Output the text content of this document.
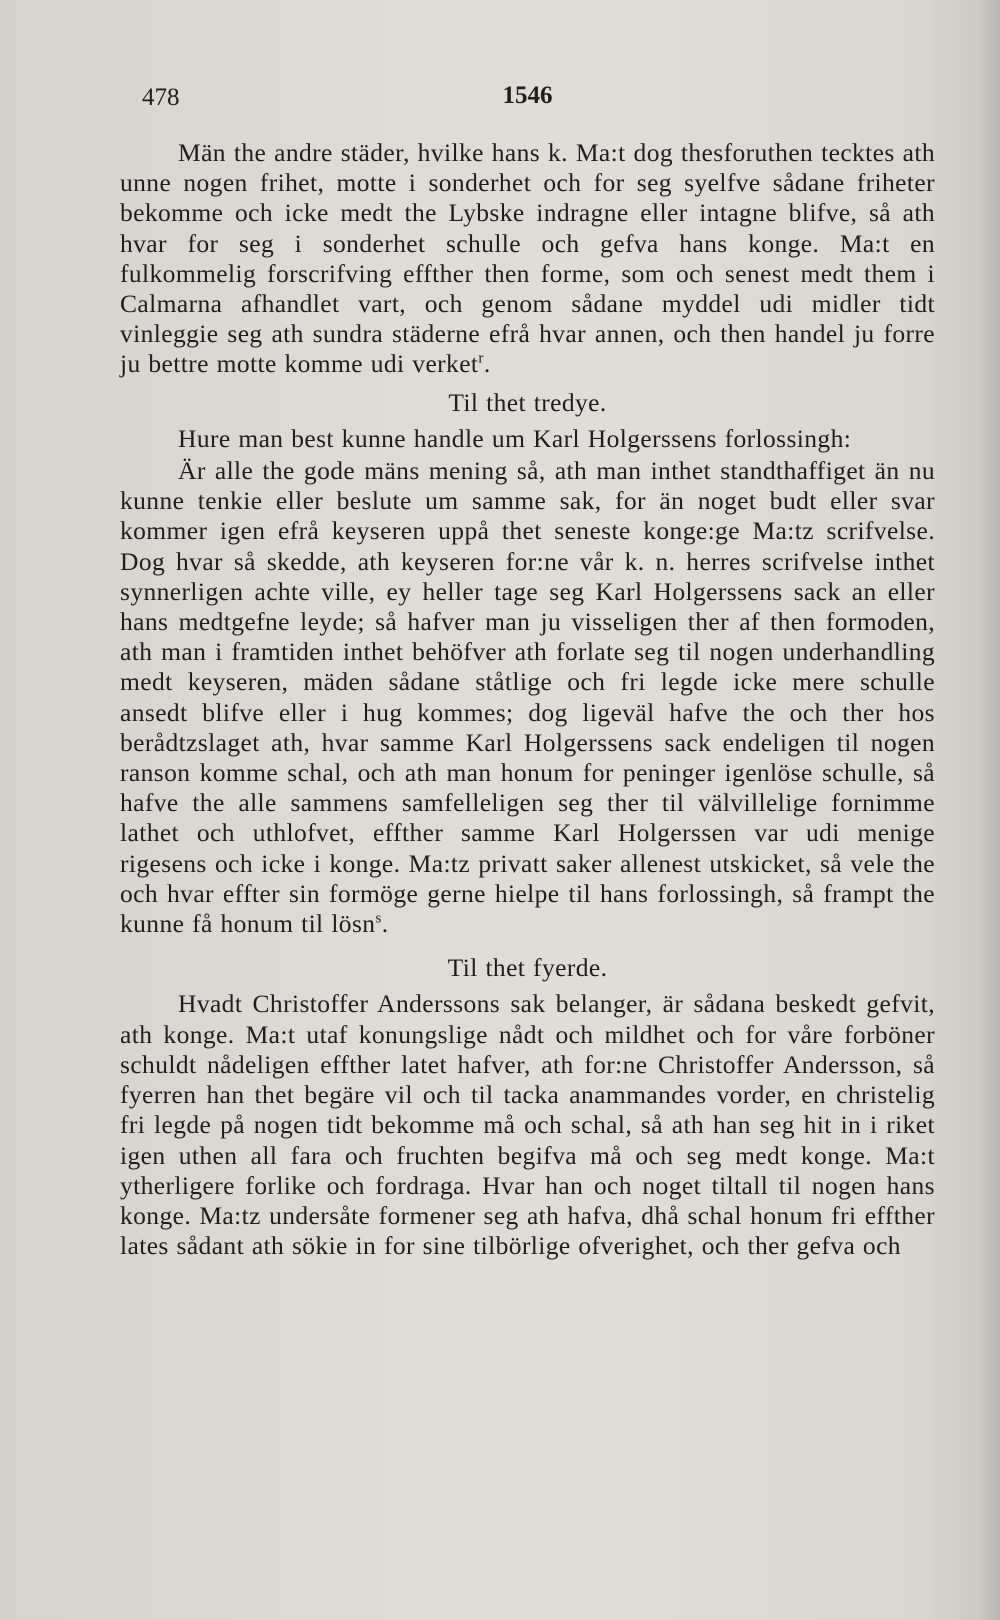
478	1546

Män the andre städer, hvilke hans k. Ma:t dog thesforuthen tecktes ath unne nogen frihet, motte i sonderhet och for seg syelfve sådane friheter bekomme och icke medt the Lybske indragne eller intagne blifve, så ath hvar for seg i sonderhet schulle och gefva hans konge. Ma:t en fulkommelig forscrifving effther then forme, som och senest medt them i Calmarna afhandlet vart, och genom sådane myddel udi midler tidt vinleggie seg ath sundra städerne efrå hvar annen, och then handel ju forre ju bettre motte komme udi verket$^r$.

Til thet tredye.

Hure man best kunne handle um Karl Holgerssens forlossingh:

Är alle the gode mäns mening så, ath man inthet standthaffiget än nu kunne tenkie eller beslute um samme sak, for än noget budt eller svar kommer igen efrå keyseren uppå thet seneste konge:ge Ma:tz scrifvelse. Dog hvar så skedde, ath keyseren for:ne vår k. n. herres scrifvelse inthet synnerligen achte ville, ey heller tage seg Karl Holgerssens sack an eller hans medtgefne leyde; så hafver man ju visseligen ther af then formoden, ath man i framtiden inthet behöfver ath forlate seg til nogen underhandling medt keyseren, mäden sådane ståtlige och fri legde icke mere schulle ansedt blifve eller i hug kommes; dog ligeväl hafve the och ther hos berådtzslaget ath, hvar samme Karl Holgerssens sack endeligen til nogen ranson komme schal, och ath man honum for peninger igenlöse schulle, så hafve the alle sammens samfelleligen seg ther til välvillelige fornimme lathet och uthlofvet, effther samme Karl Holgerssen var udi menige rigesens och icke i konge. Ma:tz privatt saker allenest utskicket, så vele the och hvar effter sin formöge gerne hielpe til hans forlossingh, så frampt the kunne få honum til lösn$^s$.

Til thet fyerde.

Hvadt Christoffer Anderssons sak belanger, är sådana beskedt gefvit, ath konge. Ma:t utaf konungslige nådt och mildhet och for våre forböner schuldt nådeligen effther latet hafver, ath for:ne Christoffer Andersson, så fyerren han thet begäre vil och til tacka anammandes vorder, en christelig fri legde på nogen tidt bekomme må och schal, så ath han seg hit in i riket igen uthen all fara och fruchten begifva må och seg medt konge. Ma:t ytherligere forlike och fordraga. Hvar han och noget tiltall til nogen hans konge. Ma:tz undersåte formener seg ath hafva, dhå schal honum fri effther lates sådant ath sökie in for sine tilbörlige ofverighet, och ther gefva och
